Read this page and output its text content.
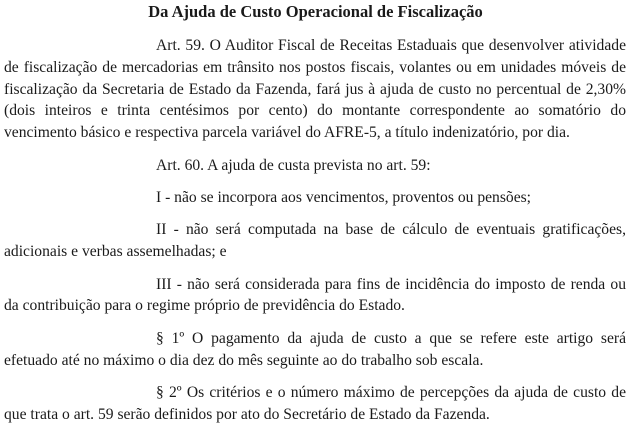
Da Ajuda de Custo Operacional de Fiscalização

Art. 59. O Auditor Fiscal de Receitas Estaduais que desenvolver atividade de fiscalização de mercadorias em trânsito nos postos fiscais, volantes ou em unidades móveis de fiscalização da Secretaria de Estado da Fazenda, fará jus à ajuda de custo no percentual de 2,30% (dois inteiros e trinta centésimos por cento) do montante correspondente ao somatório do vencimento básico e respectiva parcela variável do AFRE-5, a título indenizatório, por dia.

Art. 60. A ajuda de custa prevista no art. 59:

I - não se incorpora aos vencimentos, proventos ou pensões;

II - não será computada na base de cálculo de eventuais gratificações, adicionais e verbas assemelhadas; e

III - não será considerada para fins de incidência do imposto de renda ou da contribuição para o regime próprio de previdência do Estado.

§ 1º O pagamento da ajuda de custo a que se refere este artigo será efetuado até no máximo o dia dez do mês seguinte ao do trabalho sob escala.

§ 2º Os critérios e o número máximo de percepções da ajuda de custo de que trata o art. 59 serão definidos por ato do Secretário de Estado da Fazenda.
